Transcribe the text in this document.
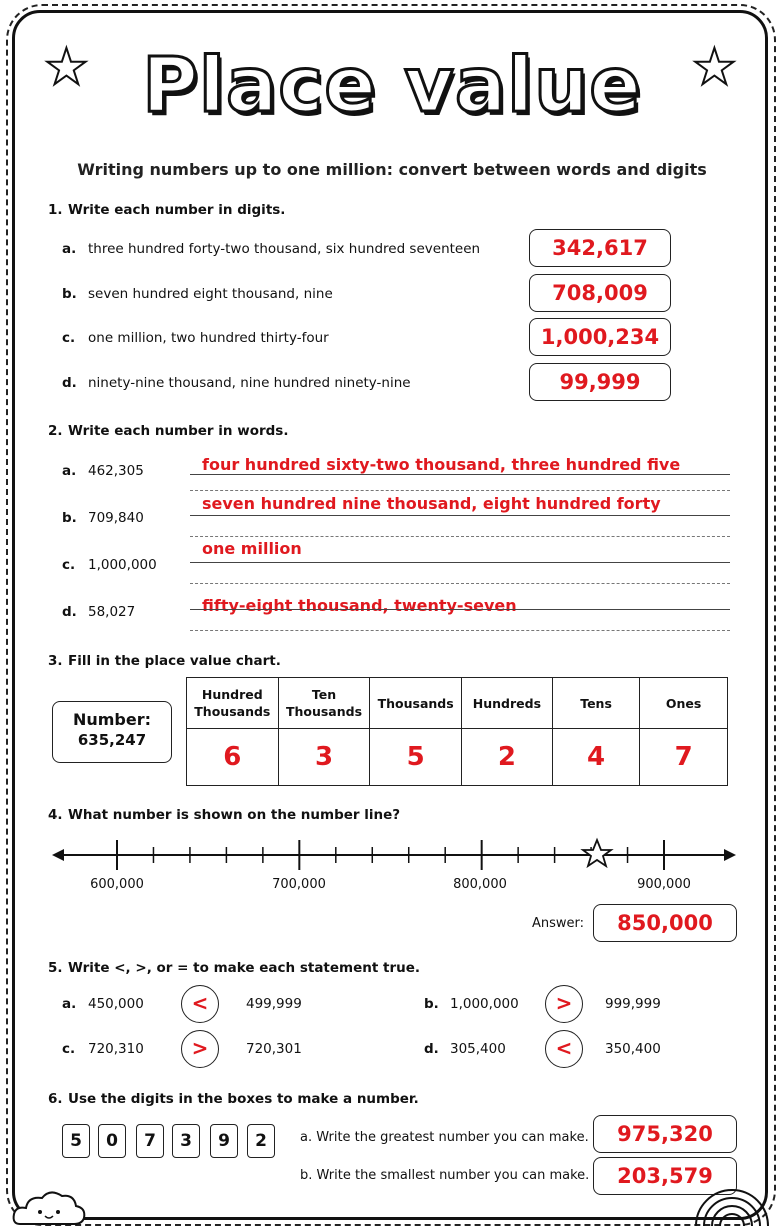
★	★
Place value
Writing numbers up to one million: convert between words and digits
1. Write each number in digits.
a. three hundred forty-two thousand, six hundred seventeen	342,617
b. seven hundred eight thousand, nine	708,009
c. one million, two hundred thirty-four	1,000,234
d. ninety-nine thousand, nine hundred ninety-nine	99,999
2. Write each number in words.
a. 462,305	four hundred sixty-two thousand, three hundred five
b. 709,840
seven hundred nine thousand, eight hundred forty
c. 1,000,000
one million
d. 58,027	fifty-eight thousand, twenty-seven
3. Fill in the place value chart.
Number:
635,247
Hundred
Thousands	Ten
Thousands	Thousands	Hundreds	Tens	Ones
6	3	5	2	4	7
4. What number is shown on the number line?
600,000	700,000	800,000	900,000
Answer:	850,000
5. Write <, >, or = to make each statement true.
a. 450,000	<	499,999	b. 1,000,000	>	999,999
c. 720,310	>	720,301	d. 305,400	<	350,400
6. Use the digits in the boxes to make a number.
5	0	7	3	9	2	a. Write the greatest number you can make.	975,320
b. Write the smallest number you can make.	203,579
